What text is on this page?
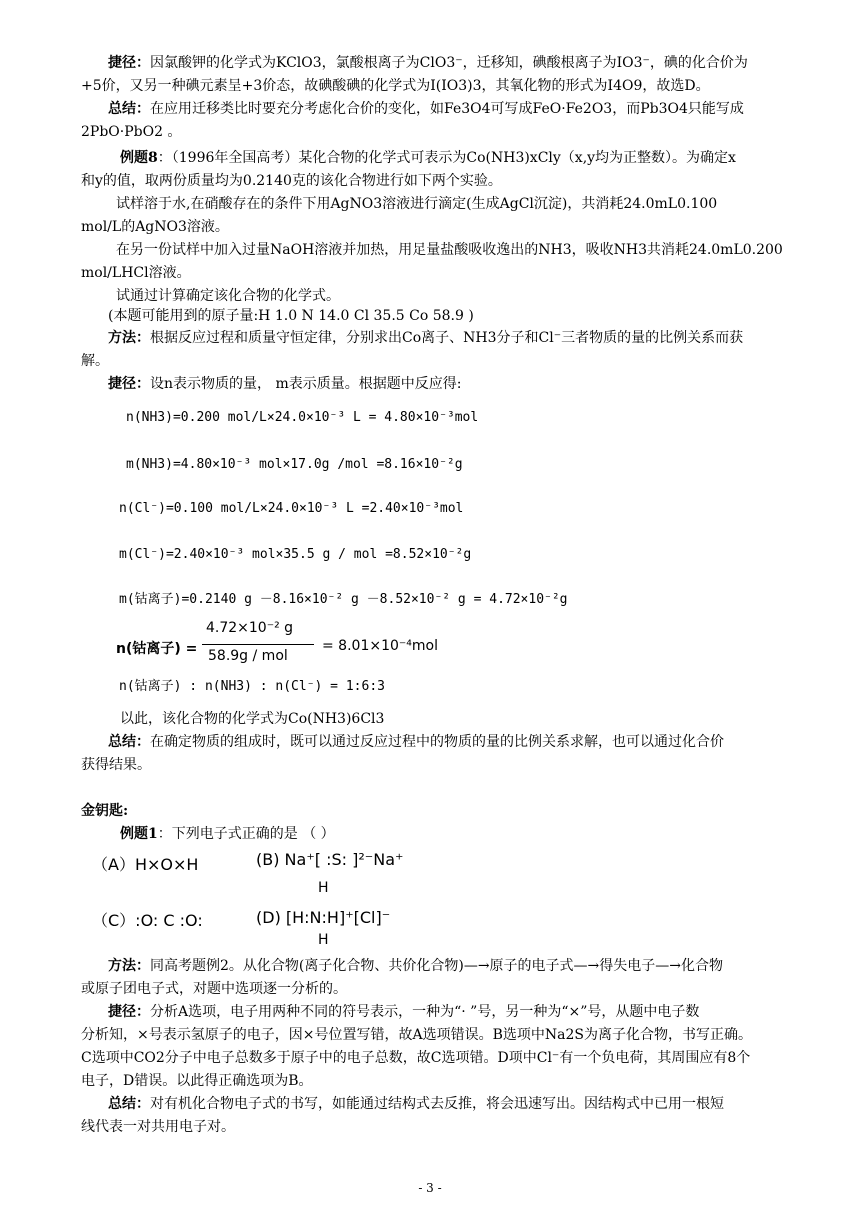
捷径：因氯酸钾的化学式为KClO3，氯酸根离子为ClO3⁻，迁移知，碘酸根离子为IO3⁻，碘的化合价为
+5价，又另一种碘元素呈+3价态，故碘酸碘的化学式为I(IO3)3，其氧化物的形式为I4O9，故选D。
总结：在应用迁移类比时要充分考虑化合价的变化，如Fe3O4可写成FeO·Fe2O3，而Pb3O4只能写成
2PbO·PbO2 。
例题8：（1996年全国高考）某化合物的化学式可表示为Co(NH3)xCly（x,y均为正整数）。为确定x
和y的值，取两份质量均为0.2140克的该化合物进行如下两个实验。
试样溶于水,在硝酸存在的条件下用AgNO3溶液进行滴定(生成AgCl沉淀)，共消耗24.0mL0.100
mol/L的AgNO3溶液。
在另一份试样中加入过量NaOH溶液并加热，用足量盐酸吸收逸出的NH3，吸收NH3共消耗24.0mL0.200
mol/LHCl溶液。
试通过计算确定该化合物的化学式。
(本题可能用到的原子量:H 1.0 N 14.0 Cl 35.5 Co 58.9 )
方法：根据反应过程和质量守恒定律，分别求出Co离子、NH3分子和Cl⁻三者物质的量的比例关系而获
解。
捷径：设n表示物质的量， m表示质量。根据题中反应得:
n(NH3)=0.200 mol/L×24.0×10⁻³ L = 4.80×10⁻³mol
m(NH3)=4.80×10⁻³ mol×17.0g /mol =8.16×10⁻²g
n(Cl⁻)=0.100 mol/L×24.0×10⁻³ L =2.40×10⁻³mol
m(Cl⁻)=2.40×10⁻³ mol×35.5 g / mol =8.52×10⁻²g
m(钴离子)=0.2140 g －8.16×10⁻² g －8.52×10⁻² g = 4.72×10⁻²g
n(钴离子) =
4.72×10⁻² g
58.9g / mol
= 8.01×10⁻⁴mol
n(钴离子) : n(NH3) : n(Cl⁻) = 1:6:3
以此，该化合物的化学式为Co(NH3)6Cl3
总结：在确定物质的组成时，既可以通过反应过程中的物质的量的比例关系求解，也可以通过化合价
获得结果。
金钥匙:
例题1：下列电子式正确的是 （ ）
（A）H×O×H	(B) Na⁺[ :S: ]²⁻Na⁺
H
（C）:O: C :O:	(D) [H:N:H]⁺[Cl]⁻
H
方法：同高考题例2。从化合物(离子化合物、共价化合物)—→原子的电子式—→得失电子—→化合物
或原子团电子式，对题中选项逐一分析的。
捷径：分析A选项，电子用两种不同的符号表示，一种为“· ”号，另一种为“×”号，从题中电子数
分析知，×号表示氢原子的电子，因×号位置写错，故A选项错误。B选项中Na2S为离子化合物，书写正确。
C选项中CO2分子中电子总数多于原子中的电子总数，故C选项错。D项中Cl⁻有一个负电荷，其周围应有8个
电子，D错误。以此得正确选项为B。
总结：对有机化合物电子式的书写，如能通过结构式去反推，将会迅速写出。因结构式中已用一根短
线代表一对共用电子对。
- 3 -
